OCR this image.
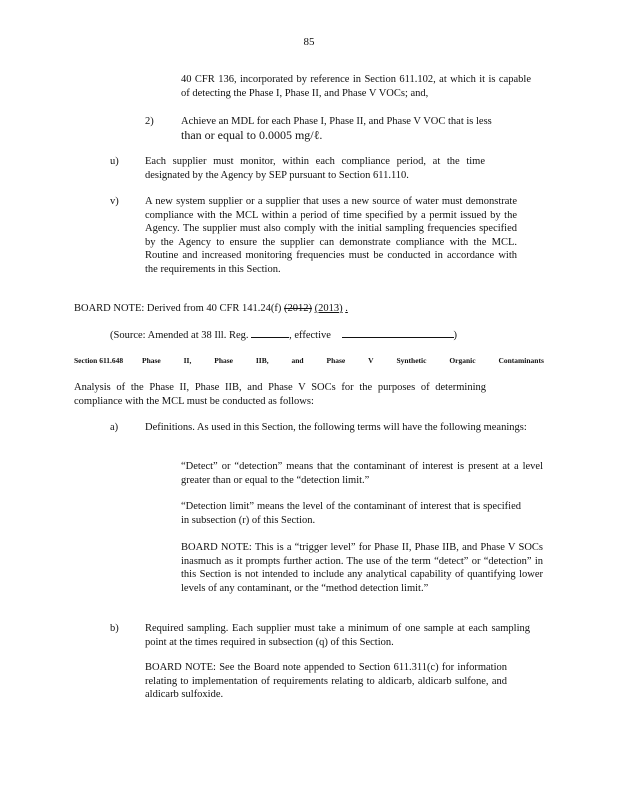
85
40 CFR 136, incorporated by reference in Section 611.102, at which it is capable of detecting the Phase I, Phase II, and Phase V VOCs; and,
2)	Achieve an MDL for each Phase I, Phase II, and Phase V VOC that is less
than or equal to 0.0005 mg/ℓ.
u)	Each supplier must monitor, within each compliance period, at the time designated by the Agency by SEP pursuant to Section 611.110.
v)	A new system supplier or a supplier that uses a new source of water must demonstrate compliance with the MCL within a period of time specified by a permit issued by the Agency. The supplier must also comply with the initial sampling frequencies specified by the Agency to ensure the supplier can demonstrate compliance with the MCL. Routine and increased monitoring frequencies must be conducted in accordance with the requirements in this Section.
BOARD NOTE: Derived from 40 CFR 141.24(f) (2012) (2013) .
(Source: Amended at 38 Ill. Reg.	, effective	)
Section 611.648	Phase	II,	Phase	IIB,	and	Phase	V	Synthetic	Organic	Contaminants
Analysis of the Phase II, Phase IIB, and Phase V SOCs for the purposes of determining compliance with the MCL must be conducted as follows:
a)	Definitions. As used in this Section, the following terms will have the following meanings:
“Detect” or “detection” means that the contaminant of interest is present at a level greater than or equal to the “detection limit.”
“Detection limit” means the level of the contaminant of interest that is specified in subsection (r) of this Section.
BOARD NOTE: This is a “trigger level” for Phase II, Phase IIB, and Phase V SOCs inasmuch as it prompts further action. The use of the term “detect” or “detection” in this Section is not intended to include any analytical capability of quantifying lower levels of any contaminant, or the “method detection limit.”
b)	Required sampling. Each supplier must take a minimum of one sample at each sampling point at the times required in subsection (q) of this Section.
BOARD NOTE: See the Board note appended to Section 611.311(c) for information relating to implementation of requirements relating to aldicarb, aldicarb sulfone, and aldicarb sulfoxide.
